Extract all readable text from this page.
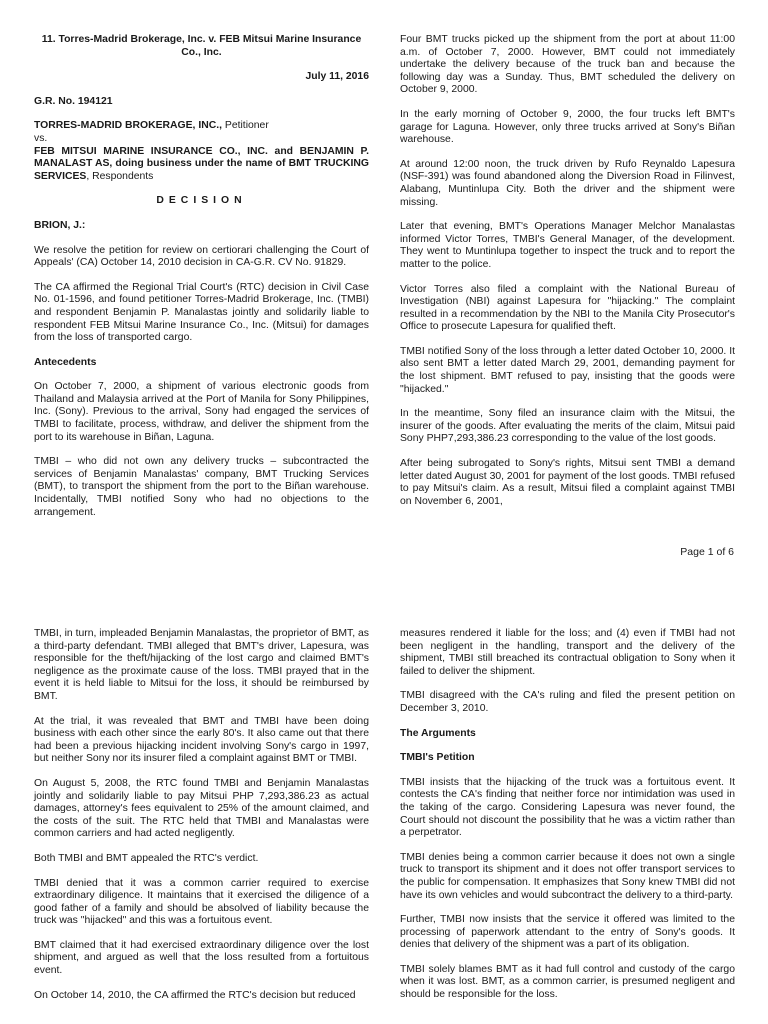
11. Torres-Madrid Brokerage, Inc. v. FEB Mitsui Marine Insurance Co., Inc.

July 11, 2016

G.R. No. 194121

TORRES-MADRID BROKERAGE, INC., Petitioner
vs.
FEB MITSUI MARINE INSURANCE CO., INC. and BENJAMIN P. MANALAST AS, doing business under the name of BMT TRUCKING SERVICES, Respondents

DECISION

BRION, J.:

We resolve the petition for review on certiorari challenging the Court of Appeals' (CA) October 14, 2010 decision in CA-G.R. CV No. 91829.

The CA affirmed the Regional Trial Court's (RTC) decision in Civil Case No. 01-1596, and found petitioner Torres-Madrid Brokerage, Inc. (TMBI) and respondent Benjamin P. Manalastas jointly and solidarily liable to respondent FEB Mitsui Marine Insurance Co., Inc. (Mitsui) for damages from the loss of transported cargo.

Antecedents

On October 7, 2000, a shipment of various electronic goods from Thailand and Malaysia arrived at the Port of Manila for Sony Philippines, Inc. (Sony). Previous to the arrival, Sony had engaged the services of TMBI to facilitate, process, withdraw, and deliver the shipment from the port to its warehouse in Biñan, Laguna.

TMBI – who did not own any delivery trucks – subcontracted the services of Benjamin Manalastas' company, BMT Trucking Services (BMT), to transport the shipment from the port to the Biñan warehouse. Incidentally, TMBI notified Sony who had no objections to the arrangement.

Four BMT trucks picked up the shipment from the port at about 11:00 a.m. of October 7, 2000. However, BMT could not immediately undertake the delivery because of the truck ban and because the following day was a Sunday. Thus, BMT scheduled the delivery on October 9, 2000.

In the early morning of October 9, 2000, the four trucks left BMT's garage for Laguna. However, only three trucks arrived at Sony's Biñan warehouse.

At around 12:00 noon, the truck driven by Rufo Reynaldo Lapesura (NSF-391) was found abandoned along the Diversion Road in Filinvest, Alabang, Muntinlupa City. Both the driver and the shipment were missing.

Later that evening, BMT's Operations Manager Melchor Manalastas informed Victor Torres, TMBI's General Manager, of the development. They went to Muntinlupa together to inspect the truck and to report the matter to the police.

Victor Torres also filed a complaint with the National Bureau of Investigation (NBI) against Lapesura for "hijacking." The complaint resulted in a recommendation by the NBI to the Manila City Prosecutor's Office to prosecute Lapesura for qualified theft.

TMBI notified Sony of the loss through a letter dated October 10, 2000. It also sent BMT a letter dated March 29, 2001, demanding payment for the lost shipment. BMT refused to pay, insisting that the goods were "hijacked."

In the meantime, Sony filed an insurance claim with the Mitsui, the insurer of the goods. After evaluating the merits of the claim, Mitsui paid Sony PHP7,293,386.23 corresponding to the value of the lost goods.

After being subrogated to Sony's rights, Mitsui sent TMBI a demand letter dated August 30, 2001 for payment of the lost goods. TMBI refused to pay Mitsui's claim. As a result, Mitsui filed a complaint against TMBI on November 6, 2001,

Page 1 of 6

TMBI, in turn, impleaded Benjamin Manalastas, the proprietor of BMT, as a third-party defendant. TMBI alleged that BMT's driver, Lapesura, was responsible for the theft/hijacking of the lost cargo and claimed BMT's negligence as the proximate cause of the loss. TMBI prayed that in the event it is held liable to Mitsui for the loss, it should be reimbursed by BMT.

At the trial, it was revealed that BMT and TMBI have been doing business with each other since the early 80's. It also came out that there had been a previous hijacking incident involving Sony's cargo in 1997, but neither Sony nor its insurer filed a complaint against BMT or TMBI.

On August 5, 2008, the RTC found TMBI and Benjamin Manalastas jointly and solidarily liable to pay Mitsui PHP 7,293,386.23 as actual damages, attorney's fees equivalent to 25% of the amount claimed, and the costs of the suit. The RTC held that TMBI and Manalastas were common carriers and had acted negligently.

Both TMBI and BMT appealed the RTC's verdict.

TMBI denied that it was a common carrier required to exercise extraordinary diligence. It maintains that it exercised the diligence of a good father of a family and should be absolved of liability because the truck was "hijacked" and this was a fortuitous event.

BMT claimed that it had exercised extraordinary diligence over the lost shipment, and argued as well that the loss resulted from a fortuitous event.

On October 14, 2010, the CA affirmed the RTC's decision but reduced

measures rendered it liable for the loss; and (4) even if TMBI had not been negligent in the handling, transport and the delivery of the shipment, TMBI still breached its contractual obligation to Sony when it failed to deliver the shipment.

TMBI disagreed with the CA's ruling and filed the present petition on December 3, 2010.

The Arguments

TMBI's Petition

TMBI insists that the hijacking of the truck was a fortuitous event. It contests the CA's finding that neither force nor intimidation was used in the taking of the cargo. Considering Lapesura was never found, the Court should not discount the possibility that he was a victim rather than a perpetrator.

TMBI denies being a common carrier because it does not own a single truck to transport its shipment and it does not offer transport services to the public for compensation. It emphasizes that Sony knew TMBI did not have its own vehicles and would subcontract the delivery to a third-party.

Further, TMBI now insists that the service it offered was limited to the processing of paperwork attendant to the entry of Sony's goods. It denies that delivery of the shipment was a part of its obligation.

TMBI solely blames BMT as it had full control and custody of the cargo when it was lost. BMT, as a common carrier, is presumed negligent and should be responsible for the loss.
